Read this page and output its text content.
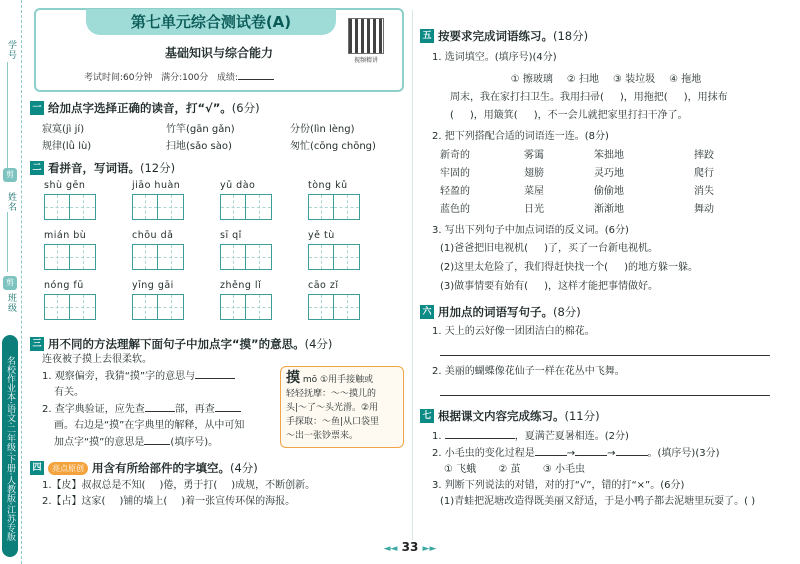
学号
剪
姓名
剪
班级
名校作业本·语文·二年级·下册·人教版·江苏专版
第七单元综合测试卷(A)
基础知识与综合能力
考试时间:60分钟 满分:100分 成绩:
视频精讲
一 给加点字选择正确的读音，打“√”。 (6分)
寂寞(jì jí)	竹竿(gān gǎn)	分份(lìn lèng)
规律(lǜ lù)	扫地(sǎo sào)	匆忙(cōng chōng)
二 看拼音，写词语。 (12分)
shù gēn	jiāo huàn	yǔ dào	tòng kǔ
mián bù	chōu dǎ	sī qǐ	yě tù
nóng fū	yīng gāi	zhěng lǐ	cāo zǐ
三 用不同的方法理解下面句子中加点字“摸”的意思。 (4分)
连夜被子摸上去很柔软。
1. 观察偏旁，我猜“摸”字的意思与
有关。
2. 查字典验证，应先查	部，再查
画。右边是“摸”在字典里的解释，从中可知
加点字“摸”的意思是	(填序号)。
摸 mō ①用手接触或
轻轻抚摩：～～摸儿的
头|～了～头光滑。②用
手探取：～鱼|从口袋里
～出一张钞票来。
四	亮点原创 用含有所给部件的字填空。 (4分)
1.【皮】叔叔总是不知( )倦，勇于打( )成规，不断创新。
2.【占】这家( )铺的墙上( )着一张宣传环保的海报。
五 按要求完成词语练习。 (18分)
1. 选词填空。(填序号)(4分)
① 擦玻璃 ② 扫地 ③ 装垃圾 ④ 拖地
周末，我在家打扫卫生。我用扫帚( )，用拖把( )，用抹布
( )，用簸箕( )，不一会儿就把家里打扫干净了。
2. 把下列搭配合适的词语连一连。(8分)
新奇的	雾霭	笨拙地	摔跤
牢固的	翅膀	灵巧地	爬行
轻盈的	菜屋	偷偷地	消失
蓝色的	日光	渐渐地	舞动
3. 写出下列句子中加点词语的反义词。(6分)
(1)爸爸把旧电视机( )了，买了一台新电视机。
(2)这里太危险了，我们得赶快找一个( )的地方躲一躲。
(3)做事情要有始有( )，这样才能把事情做好。
六 用加点的词语写句子。 (8分)
1. 天上的云好像一团团洁白的棉花。
2. 美丽的蝴蝶像花仙子一样在花丛中飞舞。
七 根据课文内容完成练习。 (11分)
1.	，夏满芒夏暑相连。(2分)
2. 小毛虫的变化过程是	→	→	。(填序号)(3分)
① 飞蛾 ② 茧 ③ 小毛虫
3. 判断下列说法的对错，对的打“√”，错的打“×”。(6分)
(1)青蛙把泥塘改造得既美丽又舒适，于是小鸭子都去泥塘里玩耍了。( )
◄◄ 33 ►►
